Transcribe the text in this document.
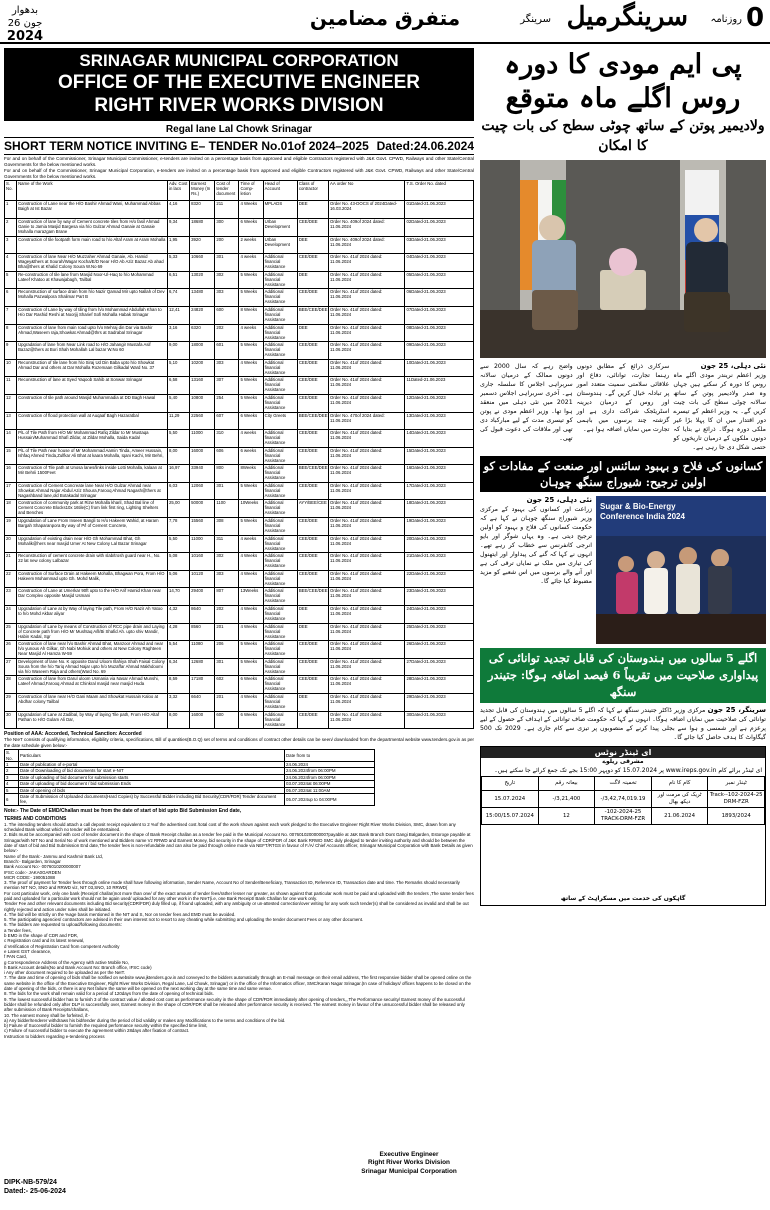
بدھوار
26 جون
2024
متفرق مضامین	سرینگر سرینگرمیل روزنامہ 0
SRINAGAR MUNICIPAL CORPORATION
OFFICE OF THE EXECUTIVE ENGINEER
RIGHT RIVER WORKS DIVISION
Regal lane Lal Chowk Srinagar
SHORT TERM NOTICE INVITING E– TENDER No.01of 2024–2025 Dated:24.06.2024

For and on behalf of the Commissioner, Srinagar Municipal Commissioner, e-tenders are invited on a percentage basis from approved and eligible Contractors registered with J&K Govt. CPWD, Railways and other State/Central Governments for the below mentioned works.

For and on behalf of the Commissioner, Srinagar Municipal Corporation, e-tenders are invited on a percentage basis from approved and eligible Contractors registered with J&K Govt. CPWD, Railways and other State/Central Governments for the below mentioned works.

S. No.	Name of the Work	Adv. Cost in lacs	Earnest Money (In Rs.)	Cost of tender document	Time of Comp-letion	Head of Account	Class of contractor	AA order No	T.S. Order No. dated
1	Construction of Lane near the H/O Bashir Ahmad Wani, Muhammad Abbas Baigh at Ist Bazar	4,16	8320	211	4 Weeks	MPLADS	DEE	Order No. 43-DOCS of 2024Dated- 16.03.2024	01Dated-21.06.2023
2	Construction of lane by way of Cement concrete tiles from H/o fasil Ahmad Ganie to Jamia Masjid Bargesa via h/o Gulzar Ahmad Ganaie at Ganaie Mohalla marazgam Brane	9,34	18680	300	6 Weeks	Urban Development	CEE/DEE	Order No. 409of 2024 dated: 11.06.2024	02Dated-21.06.2023
3	Construction of tile footpath form main road to h/o Altaf Aram at Aram Mohalla	1,95	3920	200	2 weeks	Urban Development	DEE	Order No. 409of 2024 dated: 11.06.2024	03Dated-21.06.2023
4	Construction of lane Near H/O Muzzaher Ahmad Ganaie, Ab. Hamid Wagey&thers at Sourah/Wagar Kocha/E/D Near H/O Ab Aziz Bazaz Ab ahad Bha@thers at Khalid Colony Soura W.No 69	5,33	10660	301	4 weeks	Additional financial Assistance	CEE/DEE	Order No. 41of 2024 dated: 11.06.2024	04Dated-21.06.2023
5	Re-construction of tile lane from Masjid Noor-Ul-Haq to h/o Mohammad Lateef Khatoo at Khawajabagh, Tailbal	6,51	13020	302	5 Weeks	Additional financial Assistance	DEE	Order No. 41of 2024 dated: 11.06.2024	05Dated-21.06.2023
6	Reconstruction of surface drain from h/o Nazir Qamad Mir upto Nallah of Dev Mohalla Pazwalpora Shalimar Part B	6,74	13480	303	5 Weeks	Additional financial Assistance	CEE/DEE	Order No. 41of 2024 dated: 11.06.2024	06Dated-21.06.2023
7	Construction of Lane by way of tiling from h/o Mohammad Abdullah Khan to H/o Dar Rashid Reshi at Noorjij Sharief Sofi Mohalla Habak Srinagar	12,41	24820	600	8 Weeks	Additional financial Assistance	BEE/CEE/DEE	Order No. 41of 2024 dated: 11.06.2024	07Dated-21.06.2023
8	Construction of lane from main road upto h/o Mehraj din Dar via Bashir Ahmad,Waseem raja,Showkat Ahmad@thrs at Sadrabal Srinagar	3,16	6320	202	4 weeks	Additional financial Assistance	DEE	Order No. 41of 2024 dated: 11.06.2024	08Dated-21.06.2023
9	Upgradation of lane from Near Link road to H/O Jahangir Mustafa Asif Bazaz@thers at Bori Shah Mohallah Lal bazar W.No 60	9,00	18000	601	5 Weeks	Additional financial Assistance	CEE/DEE	Order No. 41of 2024 dated: 11.06.2024	09Dated-21.06.2023
10	Reconstruction of tile lane from h/o Siraj Ud Din Baba upto h/o Showkat Ahmad Dar and others at Dar Mohalla Rozemaan Gilkadal Ward No. 37	5,10	10200	303	4 Weeks	Additional financial Assistance	CEE/DEE	Order No. 41of 2024 dated: 11.06.2024	10Dated-21.06.2023
11	Reconstruction of lane at Syed Yaqoob Sahib at Sonwar Srinagar	6,58	13160	307	5 Weeks	Additional financial Assistance	CEE/DEE	Order No. 41of 2024 dated: 11.06.2024	11Dated-21.06.2023
12	Construction of tile path around Masjid Muhammadia at DD Bagh Hawal	5,40	10800	254	5 Weeks	Additional financial Assistance	CEE/DEE	Order No. 41of 2024 dated: 11.06.2024	12Dated-21.06.2023
13	Construction of flood protection wall at Auqaaf Bagh Hazaratbal	11,29	22560	607	6 Weeks	City Greets	BEE/CEE/DEE	Order No. 470of 2024 dated: 11.06.2024	13Dated-21.06.2023
14	P/L of Tile Path from H/O Mir Mohammad Rafiq Zildar to Mr Mustaqa Hussain/Muhammad Shafi Zildar, at Zildar Mohalla, Saida Kadal	5,50	11000	310	4 weeks	Additional financial Assistance	CEE/DEE	Order No. 41of 2024 dated: 11.06.2024	14Dated-21.06.2023
15	P/L of Tile Path near house of Mr Mohammad Aamin Tinda, Ameer Hussain, Ishfaq Ahmed Tinda,Zulfkar Ali Bhat at kaara Mohalla, Iqani Kachi, Mir Behri,	8,00	16000	606	6 weeks	Additional financial Assistance	CEE/DEE	Order No. 41of 2024 dated: 11.06.2024	15Dated-21.06.2023
16	Construction of Tile path at Unosa lanes/links inside Lotti Mohalla, kalaan at Mir Behrii 1500Feet	16,97	33940	800	8Weeks	Additional financial Assistance	BEE/CEE/DEE	Order No. 41of 2024 dated: 11.06.2024	16Dated-21.06.2023
17	Construction of Cement Concreate lane Near H/O Gulzar Ahmad near Showkat Ahmad Najar Abdul Aziz Shoura,Farooq Ahmad Nagash@thers at Nagashband lane,old Botakadal Srinagar	6,03	12060	301	5 Weeks	Additional financial Assistance	CEE/DEE	Order No. 41of 2024 dated: 11.06.2024	17Dated-21.06.2023
18	Construction of community park at Rizw Mohalla kharil, Shad Bal line of Cement Concrete Blocks10x 16tile(C) from link first ring, Lighting Shelters and Benches	25,00	50000	1100	10Weeks	Additional financial Assistance	AYY/BEE/CEE	Order No. 41of 2024 dated: 11.06.2024	18Dated-21.06.2023
19	Upgradation of Lane From Inseen Bangli to H/o Hakeem Wahid, at Haram Bargah Shaparanpora By way of P/l of Cement Concrete,	7,78	15560	308	5 Weeks	Additional financial Assistance	CEE/DEE	Order No. 41of 2024 dated: 11.06.2024	19Dated-21.06.2023
20	Upgradation of existing drain near H/O Gh Mohammad Bhat, Gh Mohalik@hers near masjid Umer At New Colony Lal Bazar Srinagar	5,50	11000	311	4 weeks	Additional financial Assistance	CEE/DEE	Order No. 41of 2024 dated: 11.06.2024	20Dated-21.06.2023
21	Reconstruction of cement concrete drain with slab/trosh guard near H., No. 22 lat new colony Lalbazar	5,08	10160	302	4 Weeks	Additional financial Assistance	CEE/DEE	Order No. 41of 2024 dated: 11.06.2024	21Dated-21.06.2023
22	Construction of Surface Drain at Hakeem Mohalla, Bhagwan Pora, From H/O Hakeem Mohammad upto Gh. Mohd Malik,	5,06	10120	303	4 Weeks	Additional financial Assistance	CEE/DEE	Order No. 41of 2024 dated: 11.06.2024	22Dated-21.06.2023
23	Construction of Lane at Umerkar 90ft upto to the H/O Arif Hamid Khan near Dar Complex opposite Masjid Usmani	14,70	29400	807	13Weeks	Additional financial Assistance	BEE/CEE/DEE	Order No. 41of 2024 dated: 11.06.2024	23Dated-21.06.2023
24	Upgradation of Lane at by Way of laying Tile path, From H/O Nazir Ah Yatoo to h/o Mohd Akbar aliyar	4,32	8640	202	4 Weeks	Additional financial Assistance	DEE	Order No. 41of 2024 dated: 11.06.2024	24Dated-21.06.2023
25	Upgradation of Lane by means of Construction of RCC pipe drain and Laying of Concrete path from H/O Mr Mushtaq A/ll/Bi Shafid Ah. upto shiv Mandir, Habin Kadal, Sgr	4,28	8560	201	4 Weeks	Additional financial Assistance	DEE	Order No. 41of 2024 dated: 11.06.2024	25Dated-21.06.2023
26	Construction of lane near h/o Bashir Ahmad Bhat, Manzoor Ahmad and near h/o yunous Ah Gilkar, Gh Nabi Mohiuk and others at New Colony Raghteen Near Masjid Al Hamza W-59	5,54	11080	206	5 Weeks	Additional financial Assistance	CEE/DEE	Order No. 41of 2024 dated: 11.06.2024	26Dated-21.06.2023
27	Development of lane No. K opposite Darul Uloom Illahiya Shah Faisal Colony Soura from the h/o Tariq Ahmad Najar upto h/o Muzaffar Ahmad Makhdoomi via h/o Waseem Raja and others(Ward No. 69	6,34	12680	301	5 Weeks	Additional financial Assistance	CEE/DEE	Order No. 41of 2024 dated: 11.06.2024	27Dated-21.06.2023
28	Construction of lane from Darul uloom Usmania via Nasar Ahmad Munshi, Lateef Ahmad,Farooq Ahmad at Chinkral masjid near masjid Huda	8,59	17180	602	6 Weeks	Additional financial Assistance	CEE/DEE	Order No. 41of 2024 dated: 11.06.2024	28Dated-21.06.2023
29	Construction of lane near H/O Gani Maam and Showkat Hussain Kaloo at Abdhar colony Tailbal	3,32	6640	201	4 Weeks	Additional financial Assistance	DEE	Order No. 41of 2024 dated: 11.06.2024	29Dated-21.06.2023
30	Upgradation of Lane at Zadibal, by Way of laying Tile path, From H/O Altaf Pathan to H/O Gulam Ali Dar,	8,00	16000	600	6 Weeks	Additional financial Assistance	CEE/DEE	Order No. 41of 2024 dated: 11.06.2024	30Dated-21.06.2023
Position of AAA: Accorded, Technical Sanction: Accorded

The NIeT consists of qualifying information, eligibility criteria, specifications, Bill of quantities(B.O.Q) set of terms and conditions of contract other details can be seen/ downloaded from the departmental website www.tenders.gov.in as per the date schedule given below:-

S. No.	Particulars	Date from to
1	Date of publication of e-portal	24.06.2024
2	Date of Downloading of bid documents for start e-NIT	24.06.2024from 06:00PM
3	Date of uploading of bid document for submission starts	24.06.2024from 06:00PM
4	Date of uploading of bid document / bid submission Ends	03.07.2024at 06:00PM
5	Date of opening of bids	05.07.2024at 11:00AM
6	Date of Submission of Uploaded documents(Hard Copies) by Successful Bidder including Bid Security(CDR/FDR) Tender document fee,	05.07.2024up to 04:00PM
Note:- The Date of EMD/Challan must be from the date of start of bid upto Bid Submission End date,
TERMS AND CONDITIONS
1. The intending tenders should attach a call deposit receipt equivalent to 2 %of the advertised cost /total cost of the work shown against each work pledged to the Executive Engineer Right River Works Division, SMC, drawn from any scheduled Bank without which no tender will be entertained.
2. Bids must be accompanied with cost of tender document in the shape of Bank Receipt challan as a tender fee paid in the Municipal Account No. 0076010200000007payable at J&K Bank Branch Dont Gangi Balgarden, Estoroge payable at Srinagar/with NIT No and Serial No of work mentioned and Bidders name Vz RRWD and Earnest Money, bid security in the shape of CDR/FDR of J&K Bank RRWD SMC duly pledged to tender inviting authority and should be between the date of start of bid and Bid Submission End date,The tender fees is non-refundable and can also be paid through online mode via NEFT/RTGS in favour of F./A/ Chief Accounts officer, Srinagar Municipal Corporation with Bank Details as given below:-
Name of the Bank:- Jammu and Kashmir Bank Ltd,
Branch:- Balgarden, Srinagar
Bank Account No:- 0076010200000007
IFSC code:- JAKA0GARDEN
MICR CODE:- 190051088
3. The proof of payment for Tender fees through online mode shall have following information, Sender Name, Account No of Sender/Beneficiary, Transaction ID, Reference ID, Transaction date and time. The Remarks should necessarily mention NIT NO, SNO and RRWD viz, NIT 03,SNO, 10 RRWD(
For cost particular work, only one bank (Receipt/ challan)not more than one/ of the exact amount of tender fees/rather lesser nor greater, as shown against that particular work must be paid and uploaded with the tenders ,The same tender fees paid and uploaded for a particular work should not be again used/ uploaded for any other work in the NIeT(i.e, one Bank Receipt/ Bank Challan for one work only.
Tender Fee and other relevant documents including Bid security(CDR/FDR) duly filled up, if found uploaded, with any ambiguity or un-attested correction/over writing for any work such tender(s) shall be considered as invalid and shall be out rightly rejected and action under rules shall be initiated.
4. The bid will be strictly on the %age basis mentioned in the NIT and S, Nor on tender fees and EMD must be avoided.
5. The participating agencies/ contractors are advised in their own interest not to resort to any cheating while submitting and uploading the tender document Fees or any other document.
6. The bidders are requested to upload/following documents:
a Tender fees,
b EMD in the shape of CDR and FDR,
c Registration card and its latest renewal,
d Verification of Registration Card from competent Authority
e Latest GST clearance,
f PAN Card,
g Correspondence Address of the Agency with active Mobile No,
h Bank Account details(No and Bank Account No: Branch office, IFSC code)
i Any other document required to be uploaded as per the NeIT.
7. The date and time of opening of bids shall be notified on website www.jktenders.gov.in and conveyed to the bidders automatically through an E-mail message on their email address, The first responsive bidder shall be opened online on the same website in the office of the Executive Engineer, Right River Works Division, Regal Lane, Lal Chowk, Srinagar) or in the office of the Informatics officer, SMC/Karan Nagar Srinagar.(In case of holidays/ offices happens to be closed on the date of opening of the bids, or there is any Net failure the same will be opened on the next working day at the same time and same venue.
8. The bids for the work shall remain valid for a period of 120days from the date of opening of technical bids.
9. The lowest successful bidder has to furnish 3 of the contract value / allotted cost cost as performance security in the shape of CDR/FDR immediately after opening of tenders,,,The Performance security/ Earnest money of the successful bidder shall be refunded only after DLP is successfully over, Earnest money in the shape of CDR/FDR shall be released after performance security is received. The earnest money in favour of the unsuccessful bidder shall be released only after submission of Bank Receipts/challans,
10. The earnest money shall be forfeited, if:-
a) Any bidder/tenderer withdraws his bid/tender during the period of bid validity or makes any Modifications to the terms and conditions of the bid.
b) Failure of Successful bidder to furnish the required performance security within the specified time limit,
c) Failure of successful bidder to execute the agreement within 28days after fixation of contract.
Instruction to bidders regarding e-tendering process
Executive Engineer
Right River Works Division
Srinagar Municipal Corporation
DIPK-NB-579/24
Dated:- 25-06-2024
پی ایم مودی کا دورہ روس اگلے ماہ متوقع
ولادیمیر پوتن کے ساتھ چوٹی سطح کی بات چیت کا امکان
نئی دہلی، 25 جون

وزیر اعظم نریندر مودی اگلے ماہ روس کا دورہ کر سکتے ہیں جہاں وہ صدر ولادیمیر پوتن کے ساتھ سالانہ چوٹی سطح کی بات چیت کریں گے۔ یہ وزیر اعظم کے تیسرے دور اقتدار میں ان کا پہلا بڑا غیر ملکی دورہ ہوگا۔ ذرائع نے بتایا کہ دونوں ملکوں کے درمیان تاریخوں کو حتمی شکل دی جا رہی ہے۔

سرکاری ذرائع کے مطابق دونوں رہنما تجارت، توانائی، دفاع اور علاقائی سلامتی سمیت متعدد امور پر تبادلہ خیال کریں گے۔ ہندوستان اور روس کے درمیان دیرینہ اسٹریٹجک شراکت داری ہے اور گزشتہ چند برسوں میں باہمی تجارت میں نمایاں اضافہ ہوا ہے۔

واضح رہے کہ سال 2000 سے دونوں ممالک کے درمیان سالانہ سربراہی اجلاس کا سلسلہ جاری ہے۔ آخری سربراہی اجلاس دسمبر 2021 میں نئی دہلی میں منعقد ہوا تھا۔ وزیر اعظم مودی نے پوتن کو تیسری مدت کے لیے مبارکباد دی تھی اور ملاقات کی دعوت قبول کی تھی۔

کسانوں کی فلاح و بہبود سائنس اور صنعت کے مفادات کو اولین ترجیح: شیوراج سنگھ چوہان
Sugar & Bio-Energy Conference India 2024
نئی دہلی، 25 جون

زراعت اور کسانوں کی بہبود کے مرکزی وزیر شیوراج سنگھ چوہان نے کہا ہے کہ حکومت کسانوں کی فلاح و بہبود کو اولین ترجیح دیتی ہے۔ وہ یہاں شوگر اور بایو انرجی کانفرنس سے خطاب کر رہے تھے۔ انہوں نے کہا کہ گنے کی پیداوار اور ایتھنول کی تیاری میں ملک نے نمایاں ترقی کی ہے اور آنے والے برسوں میں اس شعبے کو مزید مضبوط کیا جائے گا۔

اگلے 5 سالوں میں ہندوستان کی قابل تجدید توانائی کی پیداواری صلاحیت میں تقریباً 6 فیصد اضافہ ہوگا: جتیندر سنگھ
سرینگر، 25 جون مرکزی وزیر ڈاکٹر جتیندر سنگھ نے کہا کہ اگلے 5 سالوں میں ہندوستان کی قابل تجدید توانائی کی صلاحیت میں نمایاں اضافہ ہوگا۔ انہوں نے کہا کہ حکومت صاف توانائی کے اہداف کے حصول کے لیے پرعزم ہے اور شمسی و ہوا سے بجلی پیدا کرنے کے منصوبوں پر تیزی سے کام جاری ہے۔ 2029 تک 500 گیگاواٹ کا ہدف حاصل کیا جائے گا۔
ای ٹینڈر نوٹس
مشرقی ریلوے
ای ٹینڈر برائے کام www.ireps.gov.in پر 15.07.2024 کو دوپہر 15:00 بجے تک جمع کرائے جا سکتے ہیں۔
ٹینڈر نمبر	کام کا نام	تخمینہ لاگت	بیعانہ رقم	تاریخ
102-2024-25-Track-DRM-FZR	ٹریک کی مرمت اور دیکھ بھال	3,42,74,019.19/-	3,21,400/-	15.07.2024
1893/2024	21.06.2024	102-2024-25-TRACK-DRM-FZR	12	15:00/15.07.2024
گاہکوں کی خدمت میں مسکراہٹ کے ساتھ
